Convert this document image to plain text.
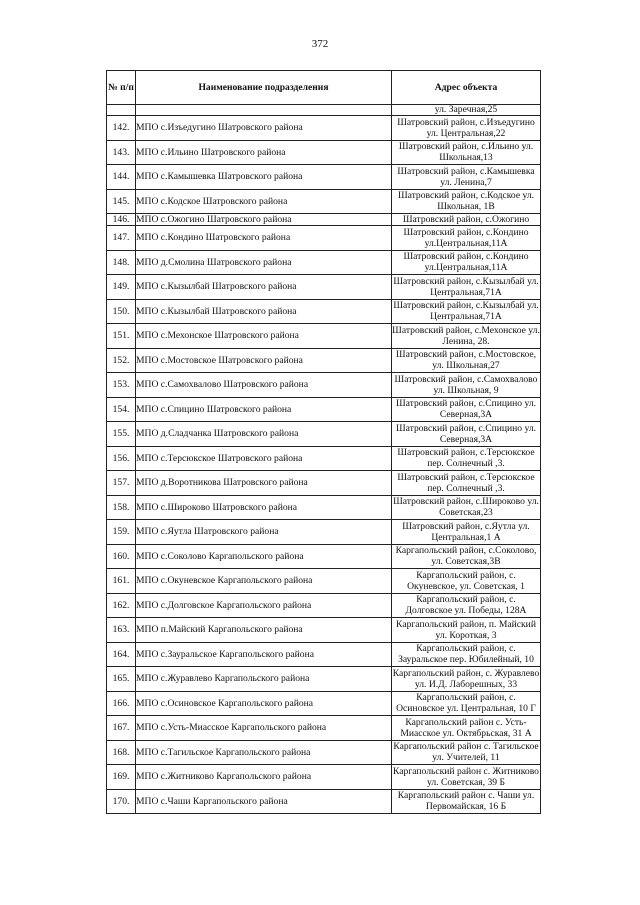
372
№ п/п	Наименование подразделения	Адрес объекта
		ул. Заречная,25
142.	МПО с.Изъедугино Шатровского района	Шатровский район, с.Изъедугино ул. Центральная,22
143.	МПО с.Ильино Шатровского района	Шатровский район, с.Ильино ул. Школьная,13
144.	МПО с.Камышевка Шатровского района	Шатровский район, с.Камышевка ул. Ленина,7
145.	МПО с.Кодское Шатровского района	Шатровский район, с.Кодское ул. Школьная, 1В
146.	МПО с.Ожогино Шатровского района	Шатровский район, с.Ожогино
147.	МПО с.Кондино Шатровского района	Шатровский район, с.Кондино ул.Центральная,11А
148.	МПО д.Смолина Шатровского района	Шатровский район, с.Кондино ул.Центральная,11А
149.	МПО с.Кызылбай Шатровского района	Шатровский район, с.Кызылбай ул. Центральная,71А
150.	МПО с.Кызылбай Шатровского района	Шатровский район, с.Кызылбай ул. Центральная,71А
151.	МПО с.Мехонское Шатровского района	Шатровский район, с.Мехонское ул. Ленина, 28.
152.	МПО с.Мостовское Шатровского района	Шатровский район, с.Мостовское, ул. Школьная,27
153.	МПО с.Самохвалово Шатровского района	Шатровский район, с.Самохвалово ул. Школьная, 9
154.	МПО с.Спицино Шатровского района	Шатровский район, с.Спицино ул. Северная,3А
155.	МПО д.Сладчанка Шатровского района	Шатровский район, с.Спицино ул. Северная,3А
156.	МПО с.Терсюкское Шатровского района	Шатровский район, с.Терсюкское пер. Солнечный ,3.
157.	МПО д.Воротникова Шатровского района	Шатровский район, с.Терсюкское пер. Солнечный ,3.
158.	МПО с.Широково Шатровского района	Шатровский район, с.Широково ул. Советская,23
159.	МПО с.Яутла Шатровского района	Шатровский район, с.Яутла ул. Центральная,1 А
160.	МПО с.Соколово Каргапольского района	Каргапольский район, с.Соколово, ул. Советская,3В
161.	МПО с.Окуневское Каргапольского района	Каргапольский район, с. Окуневское, ул. Советская, 1
162.	МПО с.Долговское Каргапольского района	Каргапольский район, с. Долговское ул. Победы, 128А
163.	МПО п.Майский Каргапольского района	Каргапольский район, п. Майский ул. Короткая, 3
164.	МПО с.Зауральское Каргапольского района	Каргапольский район, с. Зауральское пер. Юбилейный, 10
165.	МПО с.Журавлево Каргапольского района	Каргапольский район, с. Журавлево ул. И.Д. Лаборешных, 33
166.	МПО с.Осиновское Каргапольского района	Каргапольский район, с. Осиновское ул. Центральная, 10 Г
167.	МПО с.Усть-Миасское Каргапольского района	Каргапольский район с. Усть-Миасское ул. Октябрьская, 31 А
168.	МПО с.Тагильское Каргапольского района	Каргапольский район с. Тагильское ул. Учителей, 11
169.	МПО с.Житниково Каргапольского района	Каргапольский район с. Житниково ул. Советская, 39 Б
170.	МПО с.Чаши Каргапольского района	Каргапольский район с. Чаши ул. Первомайская, 16 Б
